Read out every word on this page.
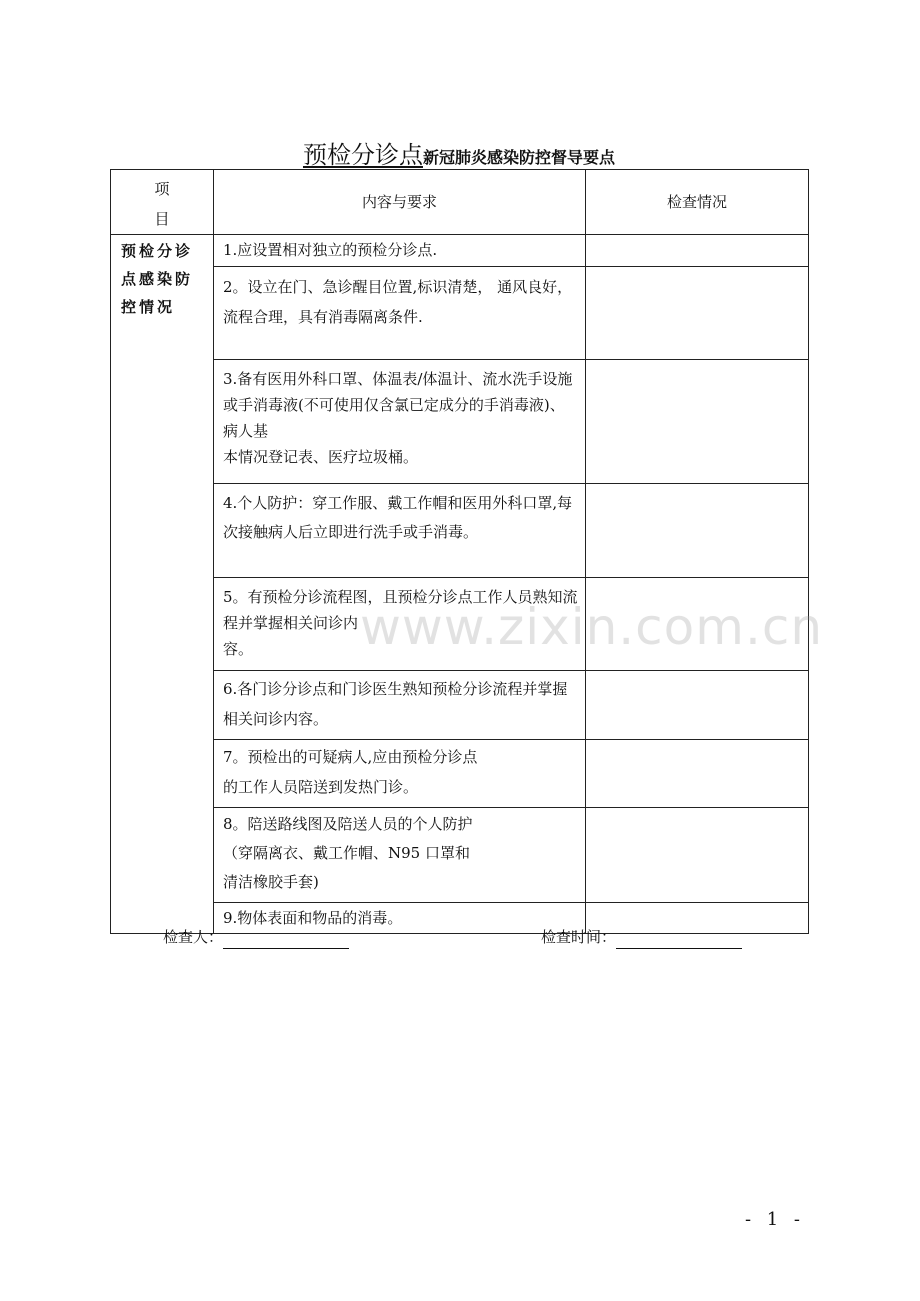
预检分诊点新冠肺炎感染防控督导要点
项
目	内容与要求	检查情况
预检分诊点感染防控情况	1.应设置相对独立的预检分诊点.	
	2。设立在门、急诊醒目位置,标识清楚， 通风良好，流程合理，具有消毒隔离条件.	
	3.备有医用外科口罩、体温表/体温计、流水洗手设施或手消毒液(不可使用仅含氯已定成分的手消毒液)、病人基
本情况登记表、医疗垃圾桶。	
	4.个人防护：穿工作服、戴工作帽和医用外科口罩,每次接触病人后立即进行洗手或手消毒。	
	5。有预检分诊流程图，且预检分诊点工作人员熟知流程并掌握相关问诊内
容。	
	6.各门诊分诊点和门诊医生熟知预检分诊流程并掌握相关问诊内容。	
	7。预检出的可疑病人,应由预检分诊点
的工作人员陪送到发热门诊。	
	8。陪送路线图及陪送人员的个人防护
（穿隔离衣、戴工作帽、N95 口罩和
清洁橡胶手套)	
	9.物体表面和物品的消毒。	
检查人：	检查时间：
www.zixin.com.cn
- 1 -
